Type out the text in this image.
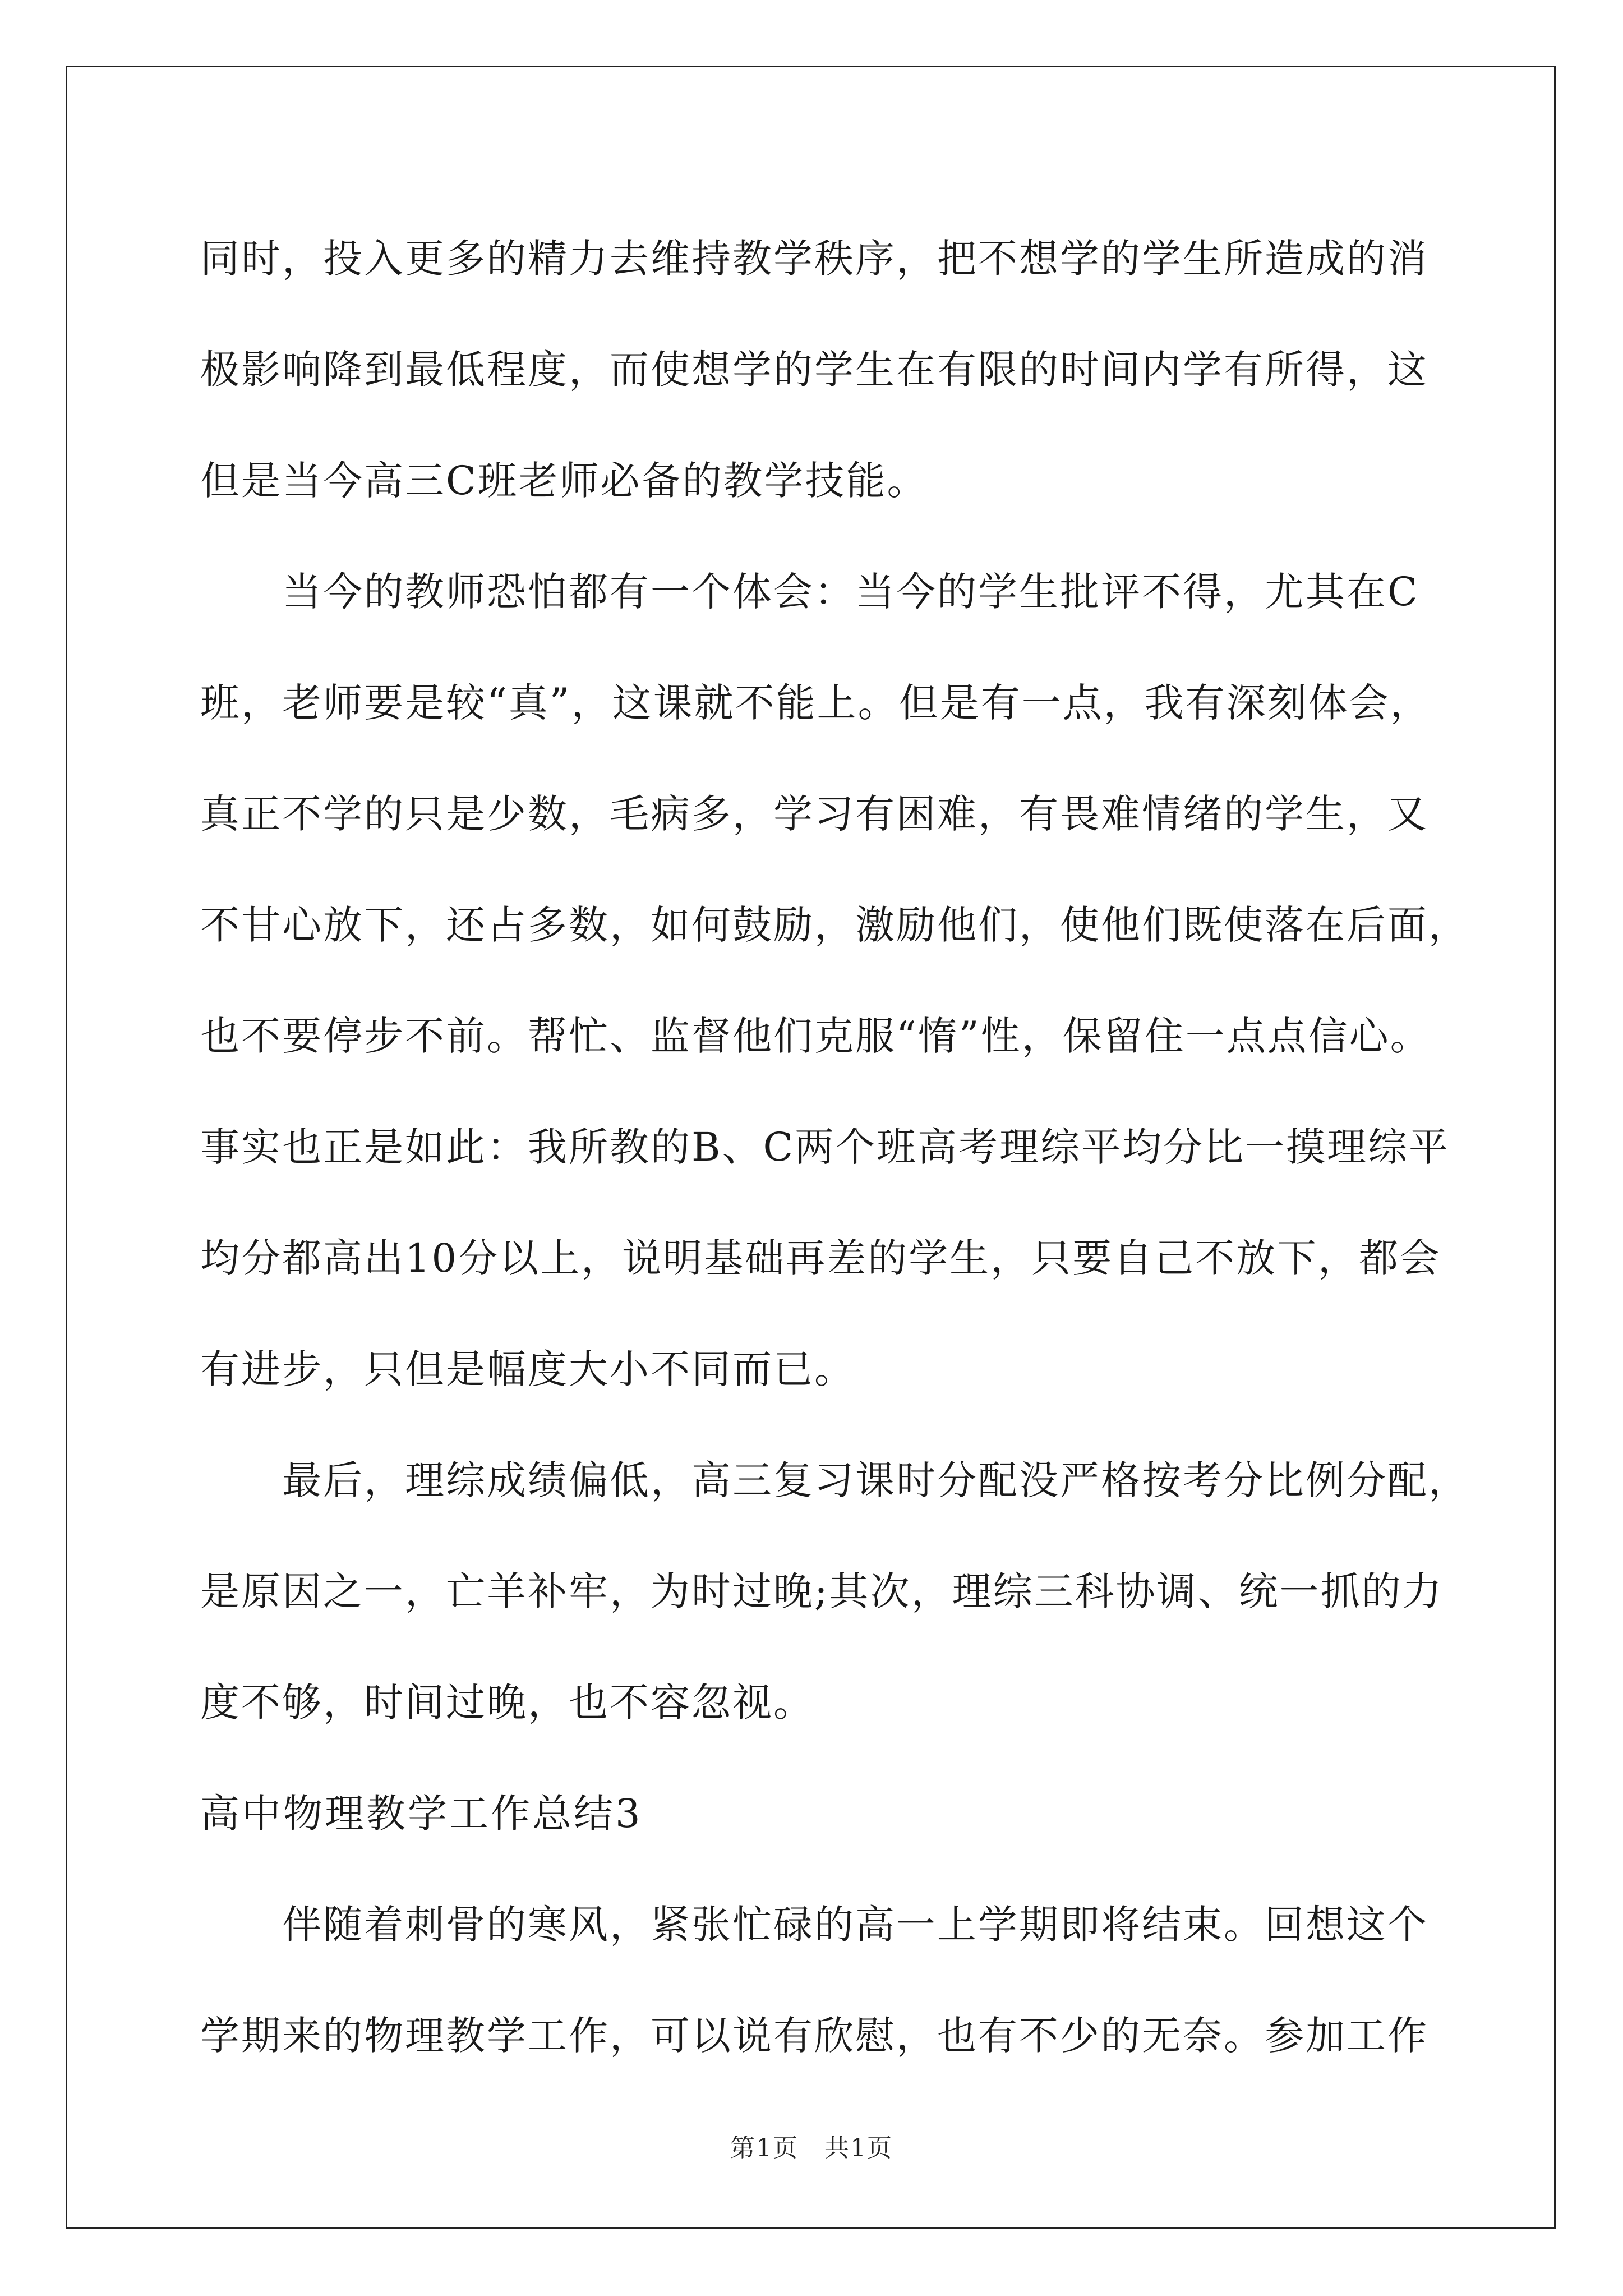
同时，投入更多的精力去维持教学秩序，把不想学的学生所造成的消
极影响降到最低程度，而使想学的学生在有限的时间内学有所得，这
但是当今高三C班老师必备的教学技能。
当今的教师恐怕都有一个体会：当今的学生批评不得，尤其在C
班，老师要是较“真”，这课就不能上。但是有一点，我有深刻体会，
真正不学的只是少数，毛病多，学习有困难，有畏难情绪的学生，又
不甘心放下，还占多数，如何鼓励，激励他们，使他们既使落在后面，
也不要停步不前。帮忙、监督他们克服“惰”性，保留住一点点信心。
事实也正是如此：我所教的B、C两个班高考理综平均分比一摸理综平
均分都高出10分以上，说明基础再差的学生，只要自己不放下，都会
有进步，只但是幅度大小不同而已。
最后，理综成绩偏低，高三复习课时分配没严格按考分比例分配，
是原因之一，亡羊补牢，为时过晚;其次，理综三科协调、统一抓的力
度不够，时间过晚，也不容忽视。
高中物理教学工作总结3
伴随着刺骨的寒风，紧张忙碌的高一上学期即将结束。回想这个
学期来的物理教学工作，可以说有欣慰，也有不少的无奈。参加工作
第1页　共1页
